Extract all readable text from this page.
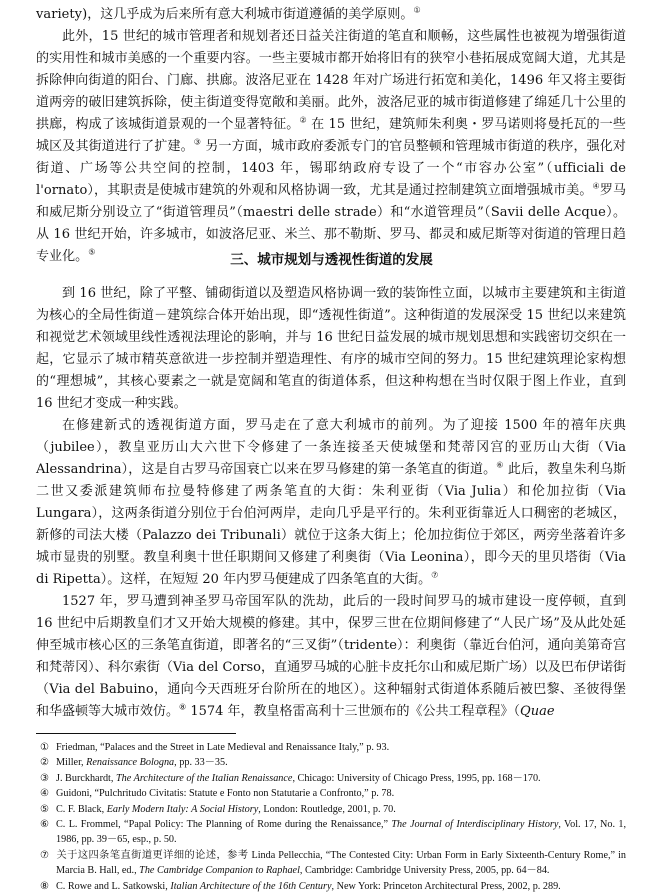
variety)，这几乎成为后来所有意大利城市街道遵循的美学原则。①

此外，15 世纪的城市管理者和规划者还日益关注街道的笔直和顺畅，这些属性也被视为增强街道的实用性和城市美感的一个重要内容。一些主要城市都开始将旧有的狭窄小巷拓展成宽阔大道，尤其是拆除伸向街道的阳台、门廊、拱廊。波洛尼亚在 1428 年对广场进行拓宽和美化，1496 年又将主要街道两旁的破旧建筑拆除，使主街道变得宽敞和美丽。此外，波洛尼亚的城市街道修建了绵延几十公里的拱廊，构成了该城街道景观的一个显著特征。② 在 15 世纪，建筑师朱利奥・罗马诺则将曼托瓦的一些城区及其街道进行了扩建。③ 另一方面，城市政府委派专门的官员整顿和管理城市街道的秩序，强化对街道、广场等公共空间的控制，1403 年，锡耶纳政府专设了一个“市容办公室”（ufficiali de l'ornato），其职责是使城市建筑的外观和风格协调一致，尤其是通过控制建筑立面增强城市美。④罗马和威尼斯分别设立了“街道管理员”（maestri delle strade）和“水道管理员”（Savii delle Acque）。从 16 世纪开始，许多城市，如波洛尼亚、米兰、那不勒斯、罗马、都灵和威尼斯等对街道的管理日趋专业化。⑤	三、城市规划与透视性街道的发展

到 16 世纪，除了平整、铺砌街道以及塑造风格协调一致的装饰性立面，以城市主要建筑和主街道为核心的全局性街道－建筑综合体开始出现，即“透视性街道”。这种街道的发展深受 15 世纪以来建筑和视觉艺术领域里线性透视法理论的影响，并与 16 世纪日益发展的城市规划思想和实践密切交织在一起，它显示了城市精英意欲进一步控制并塑造理性、有序的城市空间的努力。15 世纪建筑理论家构想的“理想城”，其核心要素之一就是宽阔和笔直的街道体系，但这种构想在当时仅限于图上作业，直到 16 世纪才变成一种实践。

在修建新式的透视街道方面，罗马走在了意大利城市的前列。为了迎接 1500 年的禧年庆典（jubilee），教皇亚历山大六世下令修建了一条连接圣天使城堡和梵蒂冈宫的亚历山大街（Via Alessandrina），这是自古罗马帝国衰亡以来在罗马修建的第一条笔直的街道。⑥ 此后，教皇朱利乌斯二世又委派建筑师布拉曼特修建了两条笔直的大街：朱利亚街（Via Julia）和伦加拉街（Via Lungara），这两条街道分别位于台伯河两岸，走向几乎是平行的。朱利亚街靠近人口稠密的老城区，新修的司法大楼（Palazzo dei Tribunali）就位于这条大街上；伦加拉街位于郊区，两旁坐落着许多城市显贵的别墅。教皇利奥十世任职期间又修建了利奥街（Via Leonina），即今天的里贝塔街（Via di Ripetta）。这样，在短短 20 年内罗马便建成了四条笔直的大街。⑦

1527 年，罗马遭到神圣罗马帝国军队的洗劫，此后的一段时间罗马的城市建设一度停顿，直到 16 世纪中后期教皇们才又开始大规模的修建。其中，保罗三世在位期间修建了“人民广场”及从此处延伸至城市核心区的三条笔直街道，即著名的“三叉街”（tridente）：利奥街（靠近台伯河，通向美第奇宫和梵蒂冈）、科尔索街（Via del Corso，直通罗马城的心脏卡皮托尔山和威尼斯广场）以及巴布伊诺街（Via del Babuino，通向今天西班牙台阶所在的地区）。这种辐射式街道体系随后被巴黎、圣彼得堡和华盛顿等大城市效仿。⑧ 1574 年，教皇格雷高利十三世颁布的《公共工程章程》（Quae

① Friedman, “Palaces and the Street in Late Medieval and Renaissance Italy,” p. 93.

② Miller, Renaissance Bologna, pp. 33－35.

③ J. Burckhardt, The Architecture of the Italian Renaissance, Chicago: University of Chicago Press, 1995, pp. 168－170.

④ Guidoni, “Pulchritudo Civitatis: Statute e Fonto non Statutarie a Confronto,” p. 78.

⑤ C. F. Black, Early Modern Italy: A Social History, London: Routledge, 2001, p. 70.

⑥ C. L. Frommel, “Papal Policy: The Planning of Rome during the Renaissance,” The Journal of Interdisciplinary History, Vol. 17, No. 1, 1986, pp. 39－65, esp., p. 50.

⑦ 关于这四条笔直街道更详细的论述，参考 Linda Pellecchia, “The Contested City: Urban Form in Early Sixteenth-Century Rome,” in Marcia B. Hall, ed., The Cambridge Companion to Raphael, Cambridge: Cambridge University Press, 2005, pp. 64－84.

⑧ C. Rowe and L. Satkowski, Italian Architecture of the 16th Century, New York: Princeton Architectural Press, 2002, p. 289.
